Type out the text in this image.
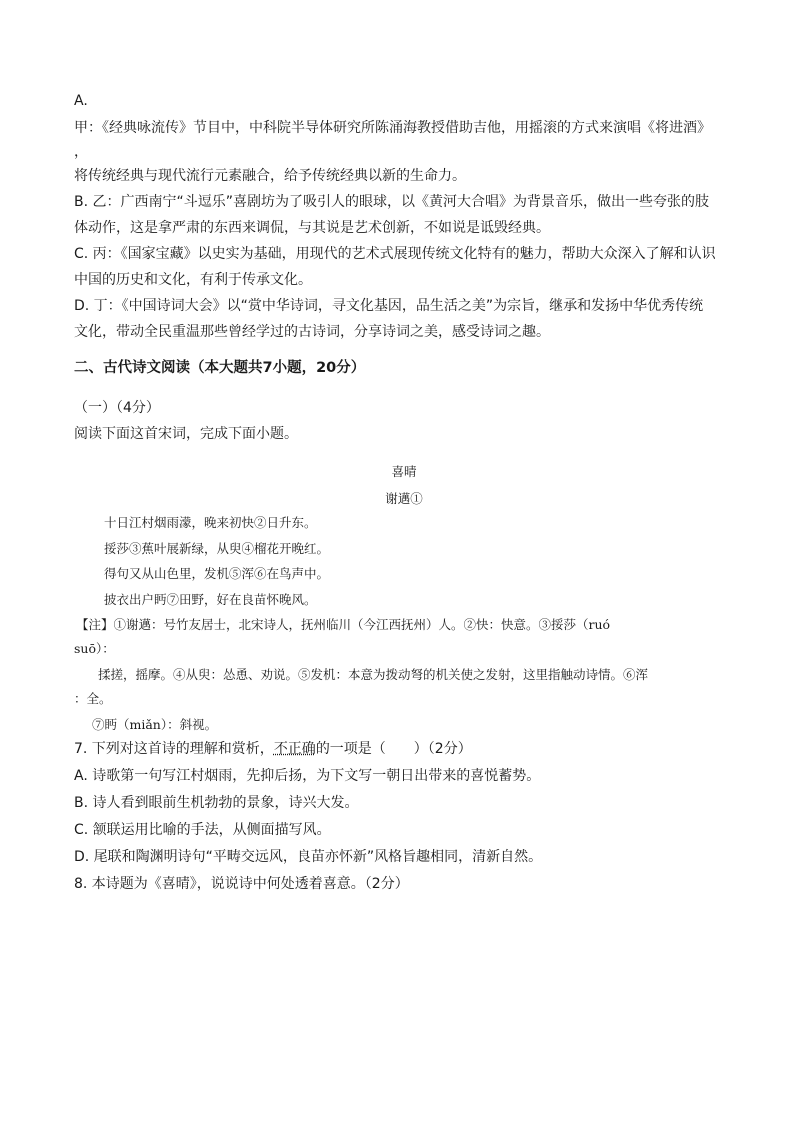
A.
甲：《经典咏流传》节目中，中科院半导体研究所陈涌海教授借助吉他，用摇滚的方式来演唱《将进酒》
，
将传统经典与现代流行元素融合，给予传统经典以新的生命力。
B. 乙：广西南宁“斗逗乐”喜剧坊为了吸引人的眼球，以《黄河大合唱》为背景音乐，做出一些夸张的肢
体动作，这是拿严肃的东西来调侃，与其说是艺术创新，不如说是诋毁经典。
C. 丙：《国家宝藏》以史实为基础，用现代的艺术式展现传统文化特有的魅力，帮助大众深入了解和认识
中国的历史和文化，有利于传承文化。
D. 丁：《中国诗词大会》以“赏中华诗词，寻文化基因，品生活之美”为宗旨，继承和发扬中华优秀传统
文化，带动全民重温那些曾经学过的古诗词，分享诗词之美，感受诗词之趣。
二、古代诗文阅读（本大题共7小题，20分）
（一）（4分）
阅读下面这首宋词，完成下面小题。
喜晴
谢邁①
十日江村烟雨濛，晚来初快②日升东。
挼莎③蕉叶展新绿，从臾④榴花开晚红。
得句又从山色里，发机⑤浑⑥在鸟声中。
披衣出户眄⑦田野，好在良苗怀晚风。
【注】①谢邁：号竹友居士，北宋诗人，抚州临川（今江西抚州）人。②快：快意。③挼莎（ruó
suō）：
揉搓，摇摩。④从臾：怂恿、劝说。⑤发机：本意为拨动弩的机关使之发射，这里指触动诗情。⑥浑
：全。
⑦眄（miǎn）：斜视。
7. 下列对这首诗的理解和赏析，不正确的一项是（　　）（2分）
A. 诗歌第一句写江村烟雨，先抑后扬，为下文写一朝日出带来的喜悦蓄势。
B. 诗人看到眼前生机勃勃的景象，诗兴大发。
C. 颔联运用比喻的手法，从侧面描写风。
D. 尾联和陶渊明诗句“平畴交远风，良苗亦怀新”风格旨趣相同，清新自然。
8. 本诗题为《喜晴》，说说诗中何处透着喜意。（2分）
